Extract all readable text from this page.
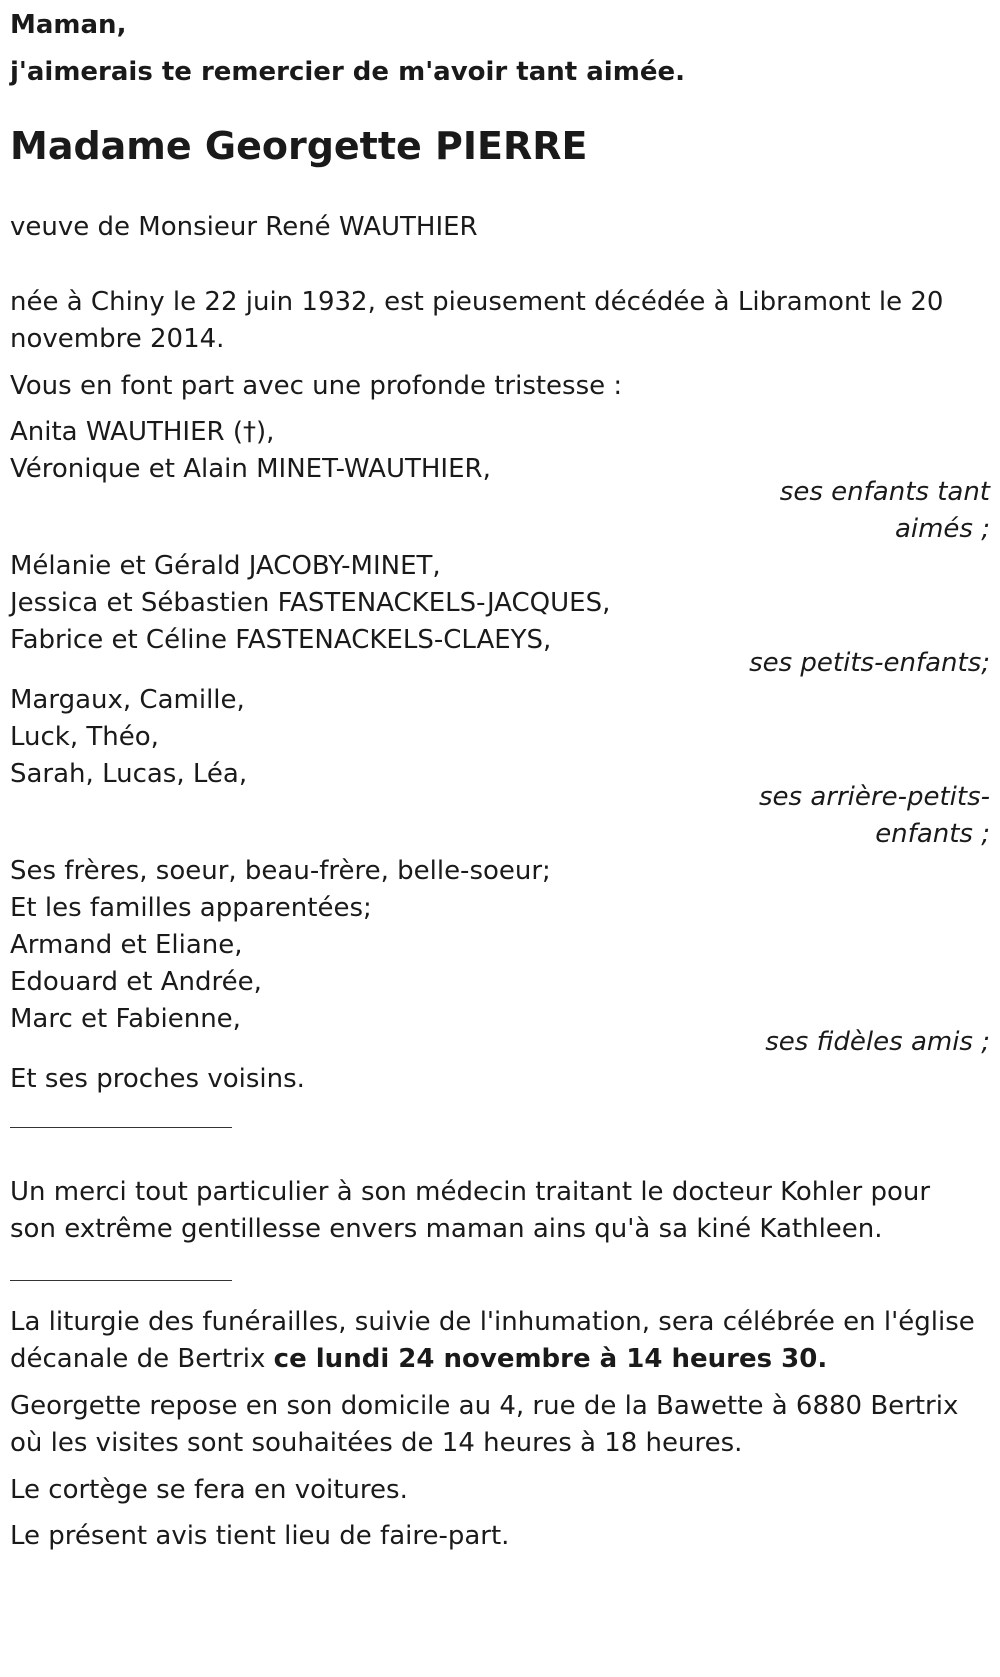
Maman,
j'aimerais te remercier de m'avoir tant aimée.
Madame Georgette PIERRE
veuve de Monsieur René WAUTHIER
née à Chiny le 22 juin 1932, est pieusement décédée à Libramont le 20
novembre 2014.
Vous en font part avec une profonde tristesse :
Anita WAUTHIER (†),
Véronique et Alain MINET-WAUTHIER,
ses enfants tant
aimés ;
Mélanie et Gérald JACOBY-MINET,
Jessica et Sébastien FASTENACKELS-JACQUES,
Fabrice et Céline FASTENACKELS-CLAEYS,
ses petits-enfants;
Margaux, Camille,
Luck, Théo,
Sarah, Lucas, Léa,
ses arrière-petits-
enfants ;
Ses frères, soeur, beau-frère, belle-soeur;
Et les familles apparentées;
Armand et Eliane,
Edouard et Andrée,
Marc et Fabienne,
ses fidèles amis ;
Et ses proches voisins.
Un merci tout particulier à son médecin traitant le docteur Kohler pour
son extrême gentillesse envers maman ains qu'à sa kiné Kathleen.
La liturgie des funérailles, suivie de l'inhumation, sera célébrée en l'église
décanale de Bertrix ce lundi 24 novembre à 14 heures 30.
Georgette repose en son domicile au 4, rue de la Bawette à 6880 Bertrix
où les visites sont souhaitées de 14 heures à 18 heures.
Le cortège se fera en voitures.
Le présent avis tient lieu de faire-part.
